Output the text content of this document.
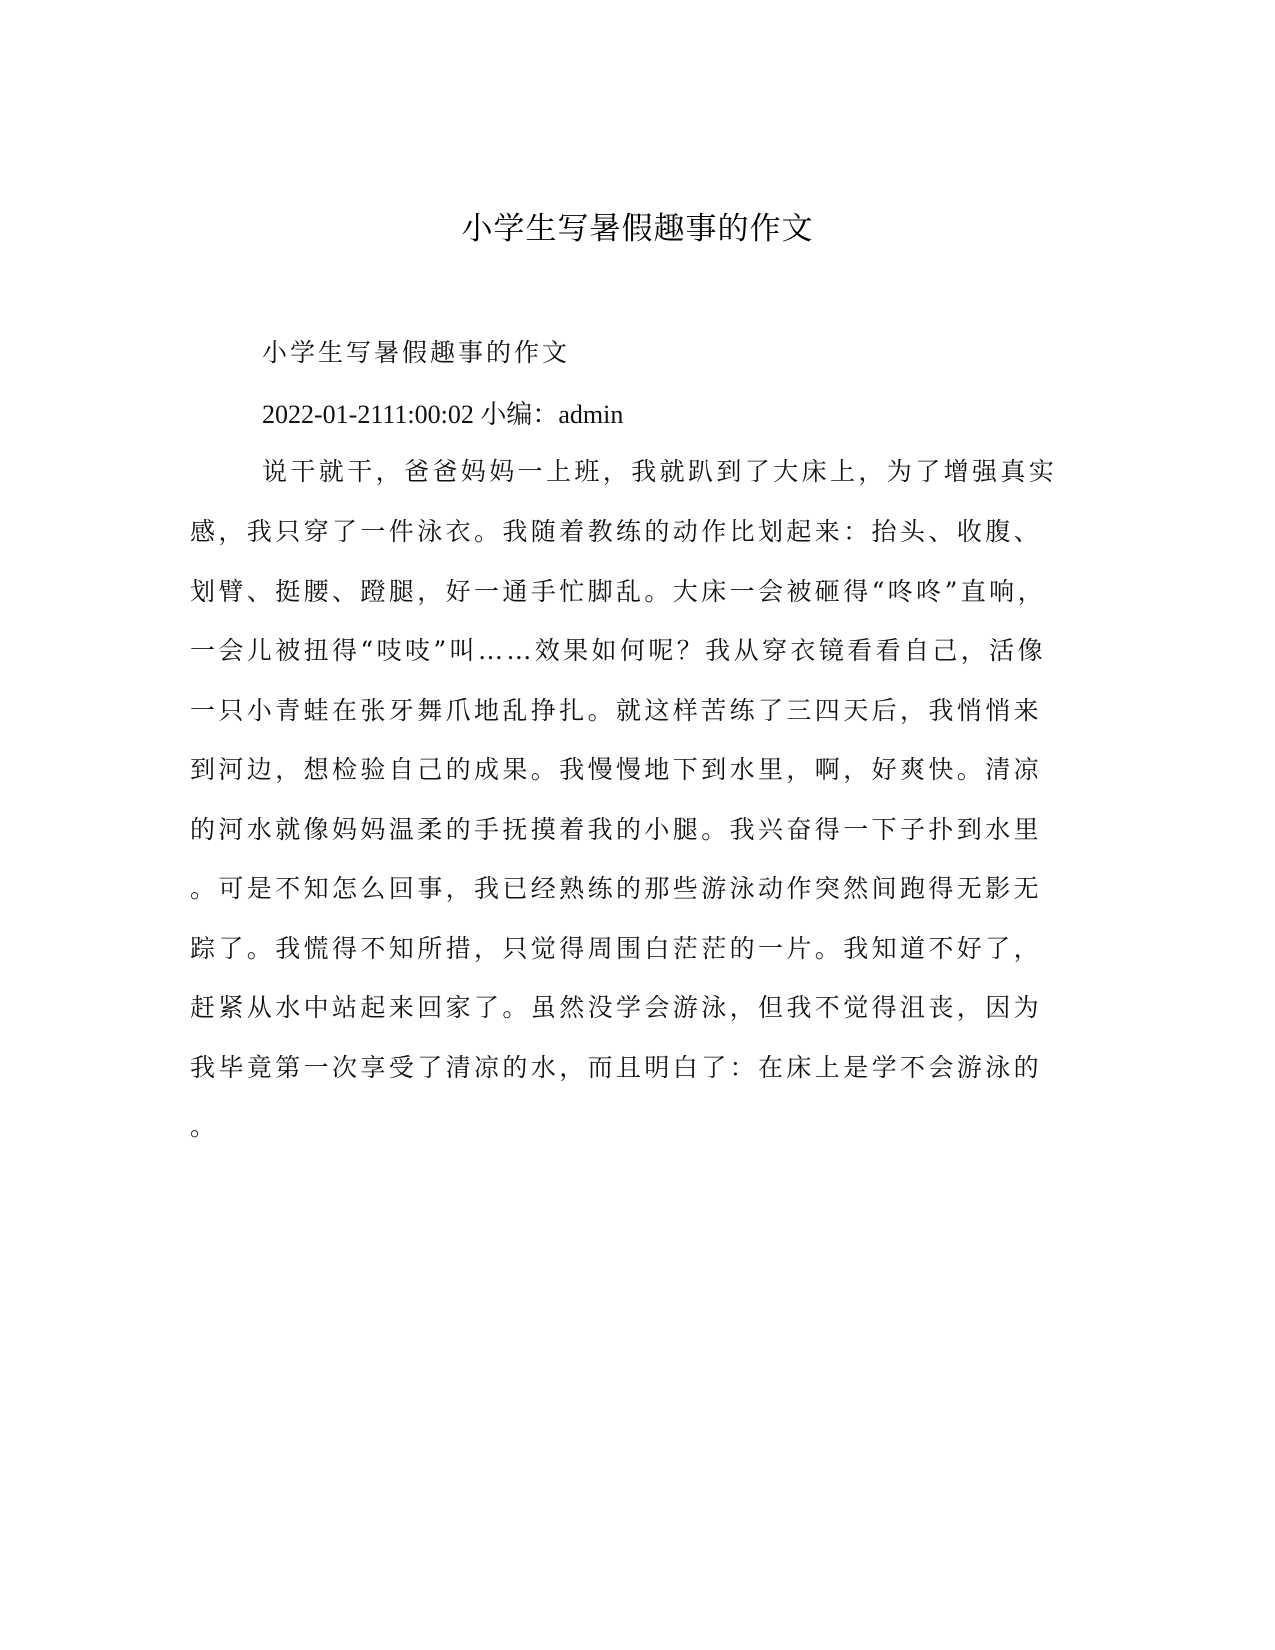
小学生写暑假趣事的作文

小学生写暑假趣事的作文

2022-01-2111:00:02 小编：admin

说干就干，爸爸妈妈一上班，我就趴到了大床上，为了增强真实

感，我只穿了一件泳衣。我随着教练的动作比划起来：抬头、收腹、

划臂、挺腰、蹬腿，好一通手忙脚乱。大床一会被砸得“咚咚”直响，

一会儿被扭得“吱吱”叫……效果如何呢？我从穿衣镜看看自己，活像

一只小青蛙在张牙舞爪地乱挣扎。就这样苦练了三四天后，我悄悄来

到河边，想检验自己的成果。我慢慢地下到水里，啊，好爽快。清凉

的河水就像妈妈温柔的手抚摸着我的小腿。我兴奋得一下子扑到水里

。可是不知怎么回事，我已经熟练的那些游泳动作突然间跑得无影无

踪了。我慌得不知所措，只觉得周围白茫茫的一片。我知道不好了，

赶紧从水中站起来回家了。虽然没学会游泳，但我不觉得沮丧，因为

我毕竟第一次享受了清凉的水，而且明白了：在床上是学不会游泳的

。
